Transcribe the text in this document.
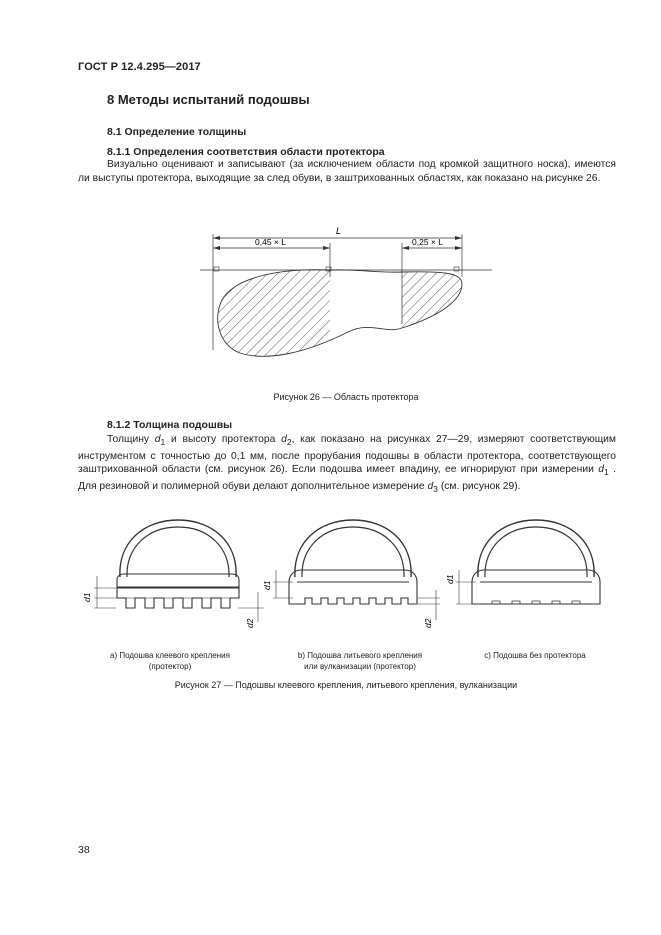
ГОСТ Р 12.4.295—2017
8 Методы испытаний подошвы
8.1 Определение толщины
8.1.1 Определения соответствия области протектора
Визуально оценивают и записывают (за исключением области под кромкой защитного носка), имеются ли выступы протектора, выходящие за след обуви, в заштрихованных областях, как показано на рисунке 26.
L
0,45 × L	0,25 × L
Рисунок 26 — Область протектора
8.1.2 Толщина подошвы
Толщину $d_1$ и высоту протектора $d_2$, как показано на рисунках 27—29, измеряют соответствующим инструментом с точностью до 0,1 мм, после прорубания подошвы в области протектора, соответствующего заштрихованной области (см. рисунок 26). Если подошва имеет впадину, ее игнорируют при измерении $d_1$ . Для резиновой и полимерной обуви делают дополнительное измерение $d_3$ (см. рисунок 29).
d1
d2
d1
d2
d1
а) Подошва клеевого крепления
(протектор)
b) Подошва литьевого крепления
или вулканизации (протектор)
с) Подошва без протектора
Рисунок 27 — Подошвы клеевого крепления, литьевого крепления, вулканизации
38
